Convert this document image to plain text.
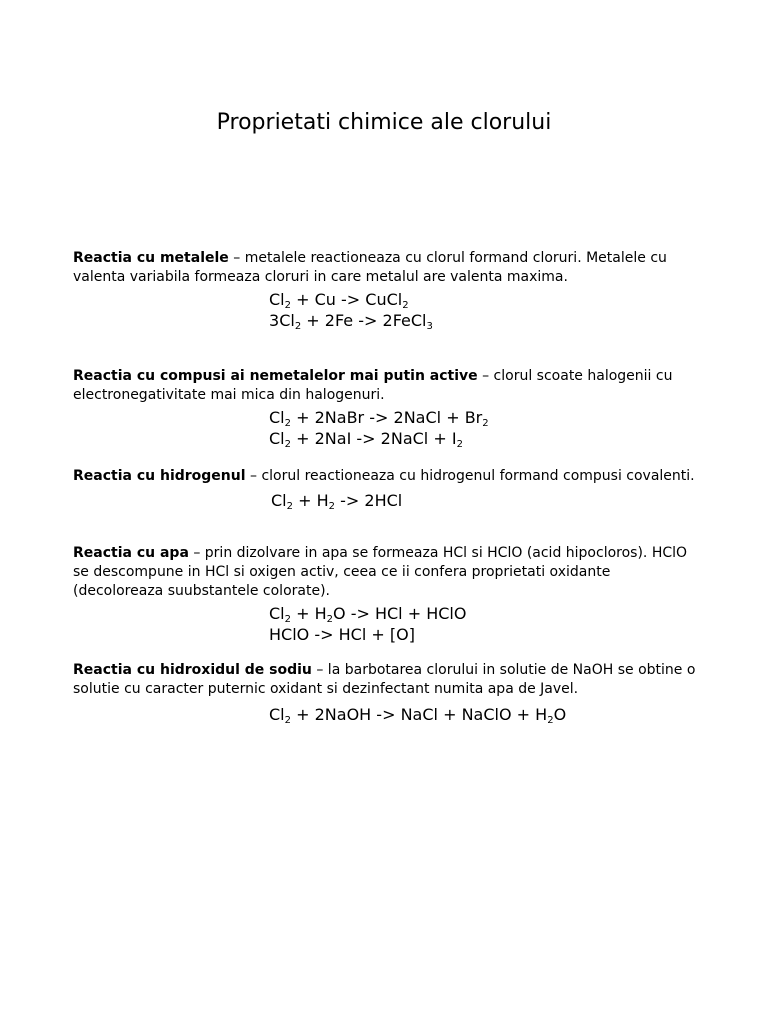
Proprietati chimice ale clorului

Reactia cu metalele – metalele reactioneaza cu clorul formand cloruri. Metalele cu valenta variabila formeaza cloruri in care metalul are valenta maxima.

$Cl_2 + Cu$ -> CuCl$_2$

$3Cl_2 + 2Fe$ -> 2FeCl$_3$

Reactia cu compusi ai nemetalelor mai putin active – clorul scoate halogenii cu electronegativitate mai mica din halogenuri.

$Cl_2$ + 2NaBr -> 2NaCl + $Br_2$

$Cl_2 + 2NaI$ -> 2NaCl + $I_2$

Reactia cu hidrogenul – clorul reactioneaza cu hidrogenul formand compusi covalenti.

$Cl_2 + H_2 -> 2HCl$

Reactia cu apa – prin dizolvare in apa se formeaza HCl si HClO (acid hipocloros). HClO se descompune in HCl si oxigen activ, ceea ce ii confera proprietati oxidante (decoloreaza suubstantele colorate).

$Cl_2 + H_2O$ -> HCl + HClO

HClO -> HCl + [O]

Reactia cu hidroxidul de sodiu – la barbotarea clorului in solutie de NaOH se obtine o solutie cu caracter puternic oxidant si dezinfectant numita apa de Javel.

$Cl_2$ + 2NaOH -> NaCl + NaClO + $H_2O$
